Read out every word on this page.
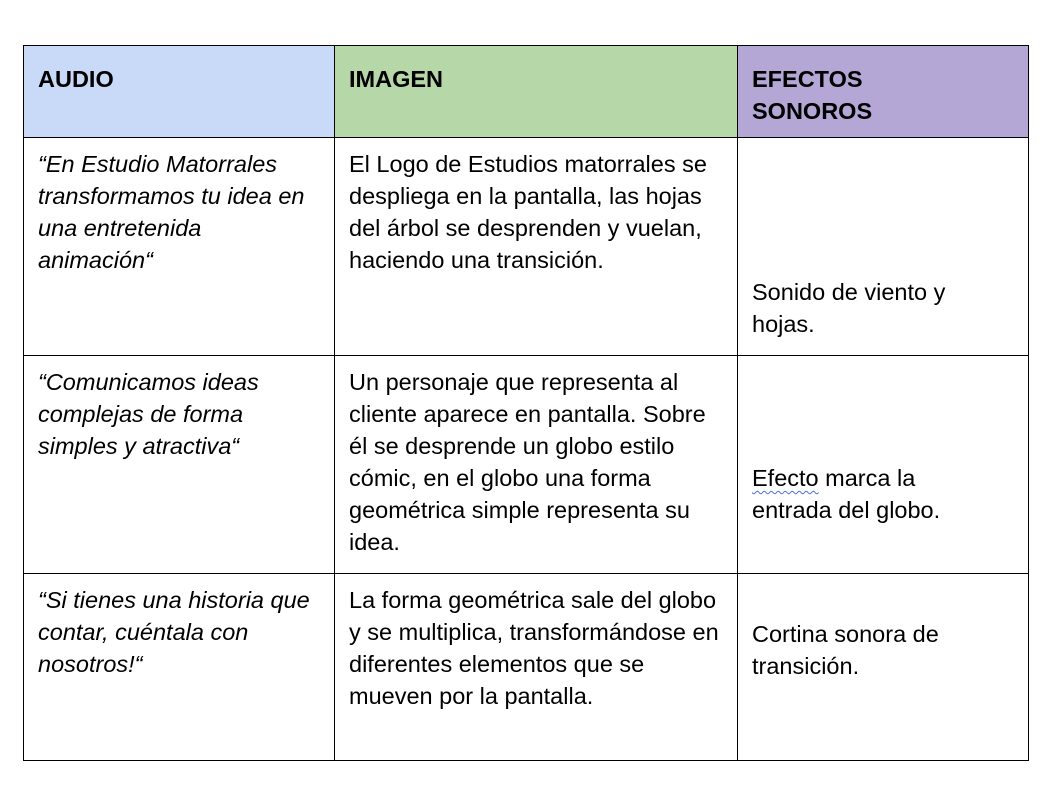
AUDIO	IMAGEN	EFECTOS SONOROS
“En Estudio Matorrales transformamos tu idea en una entretenida animación“	El Logo de Estudios matorrales se despliega en la pantalla, las hojas del árbol se desprenden y vuelan, haciendo una transición.	Sonido de viento y hojas.

“Comunicamos ideas complejas de forma simples y atractiva“	Un personaje que representa al cliente aparece en pantalla. Sobre él se desprende un globo estilo cómic, en el globo una forma geométrica simple representa su idea.	Efecto marca la entrada del globo.

“Si tienes una historia que contar, cuéntala con nosotros!“	La forma geométrica sale del globo y se multiplica, transformándose en diferentes elementos que se mueven por la pantalla.	Cortina sonora de transición.
